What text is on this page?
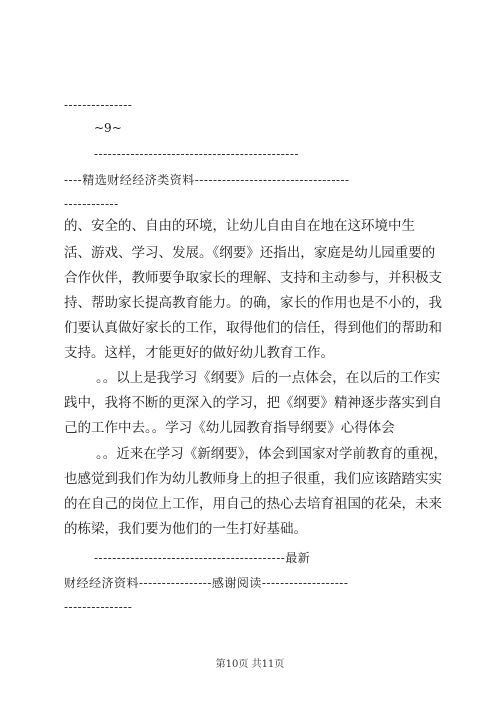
---------------
~9~
---------------------------------------------
----精选财经经济类资料----------------------------------
------------
的、安全的、自由的环境，让幼儿自由自在地在这环境中生
活、游戏、学习、发展。《纲要》还指出，家庭是幼儿园重要的
合作伙伴，教师要争取家长的理解、支持和主动参与，并积极支
持、帮助家长提高教育能力。的确，家长的作用也是不小的，我
们要认真做好家长的工作，取得他们的信任，得到他们的帮助和
支持。这样，才能更好的做好幼儿教育工作。
。。以上是我学习《纲要》后的一点体会，在以后的工作实
践中，我将不断的更深入的学习，把《纲要》精神逐步落实到自
己的工作中去。。学习《幼儿园教育指导纲要》心得体会
。。近来在学习《新纲要》，体会到国家对学前教育的重视，
也感觉到我们作为幼儿教师身上的担子很重，我们应该踏踏实实
的在自己的岗位上工作，用自己的热心去培育祖国的花朵，未来
的栋梁，我们要为他们的一生打好基础。
------------------------------------------最新
财经经济资料----------------感谢阅读-------------------
---------------
第10页 共11页
